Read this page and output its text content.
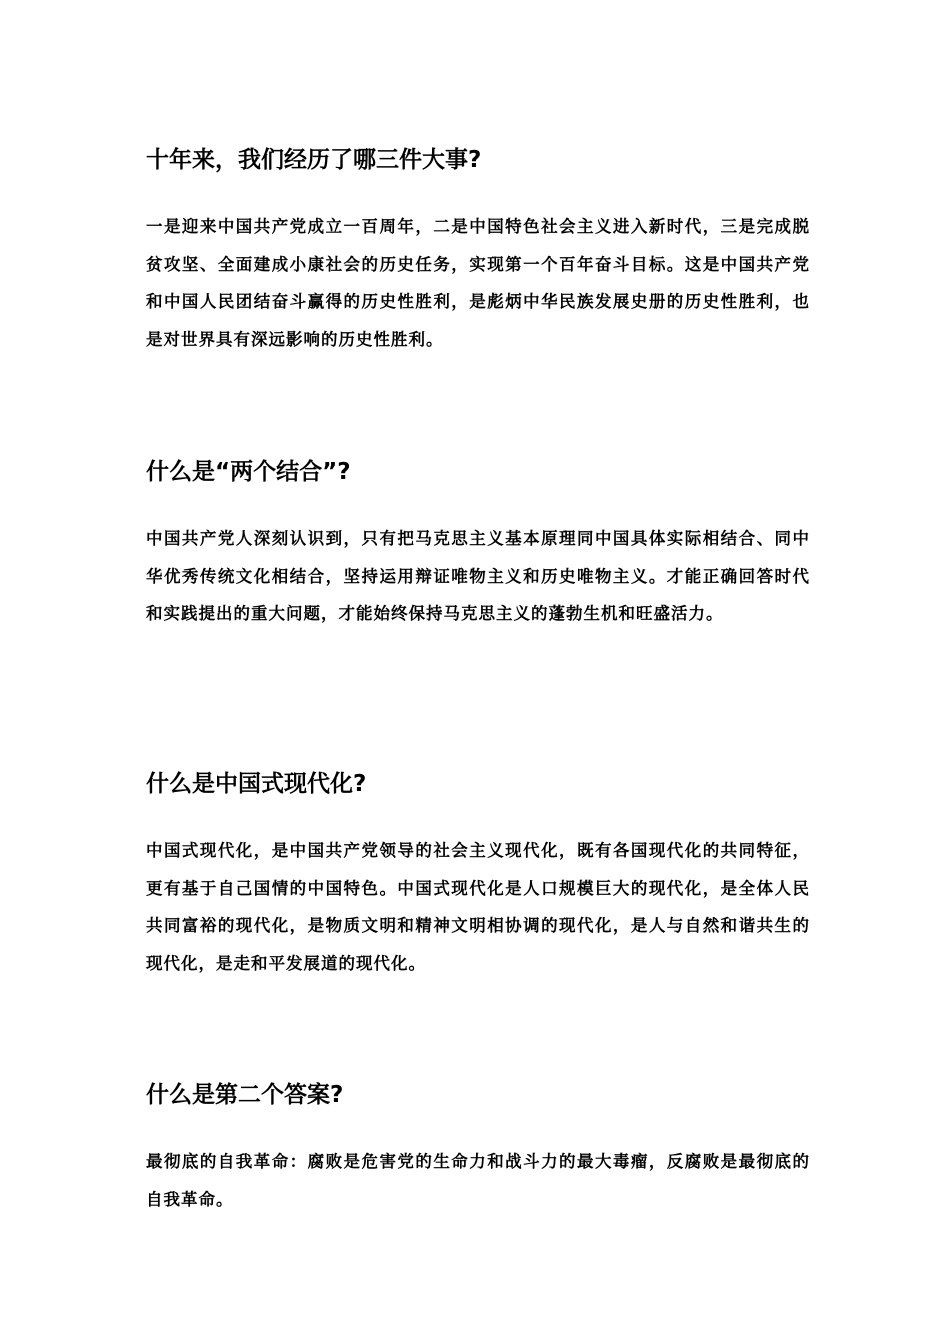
十年来，我们经历了哪三件大事?

一是迎来中国共产党成立一百周年，二是中国特色社会主义进入新时代，三是完成脱贫攻坚、全面建成小康社会的历史任务，实现第一个百年奋斗目标。这是中国共产党和中国人民团结奋斗赢得的历史性胜利，是彪炳中华民族发展史册的历史性胜利，也是对世界具有深远影响的历史性胜利。

什么是“两个结合”?

中国共产党人深刻认识到，只有把马克思主义基本原理同中国具体实际相结合、同中华优秀传统文化相结合，坚持运用辩证唯物主义和历史唯物主义。才能正确回答时代和实践提出的重大问题，才能始终保持马克思主义的蓬勃生机和旺盛活力。

什么是中国式现代化?

中国式现代化，是中国共产党领导的社会主义现代化，既有各国现代化的共同特征，更有基于自己国情的中国特色。中国式现代化是人口规模巨大的现代化，是全体人民共同富裕的现代化，是物质文明和精神文明相协调的现代化，是人与自然和谐共生的现代化，是走和平发展道的现代化。

什么是第二个答案?

最彻底的自我革命：腐败是危害党的生命力和战斗力的最大毒瘤，反腐败是最彻底的自我革命。
